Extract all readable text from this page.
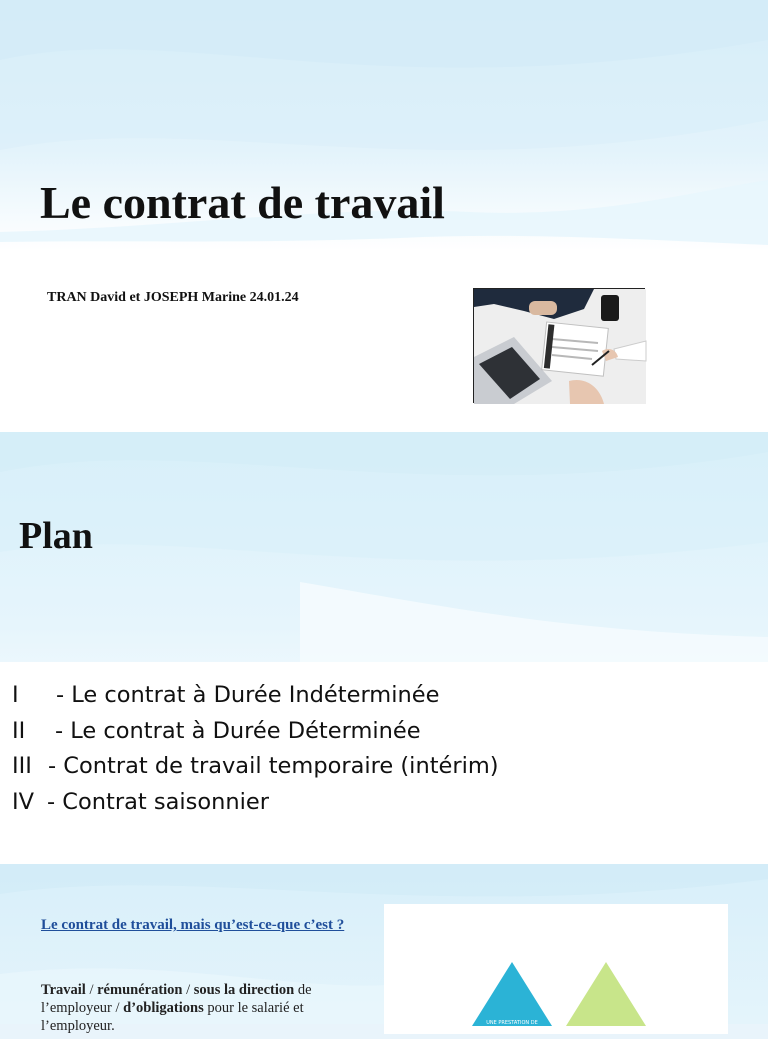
Le contrat de travail
TRAN David et JOSEPH Marine 24.01.24
Plan
I	- Le contrat à Durée Indéterminée
II	- Le contrat à Durée Déterminée
III - Contrat de travail temporaire (intérim)
IV - Contrat saisonnier
Le contrat de travail, mais qu’est-ce-que c’est ?

Travail / rémunération / sous la direction de l’employeur / d’obligations pour le salarié et l’employeur.	UNE PRESTATION DE
